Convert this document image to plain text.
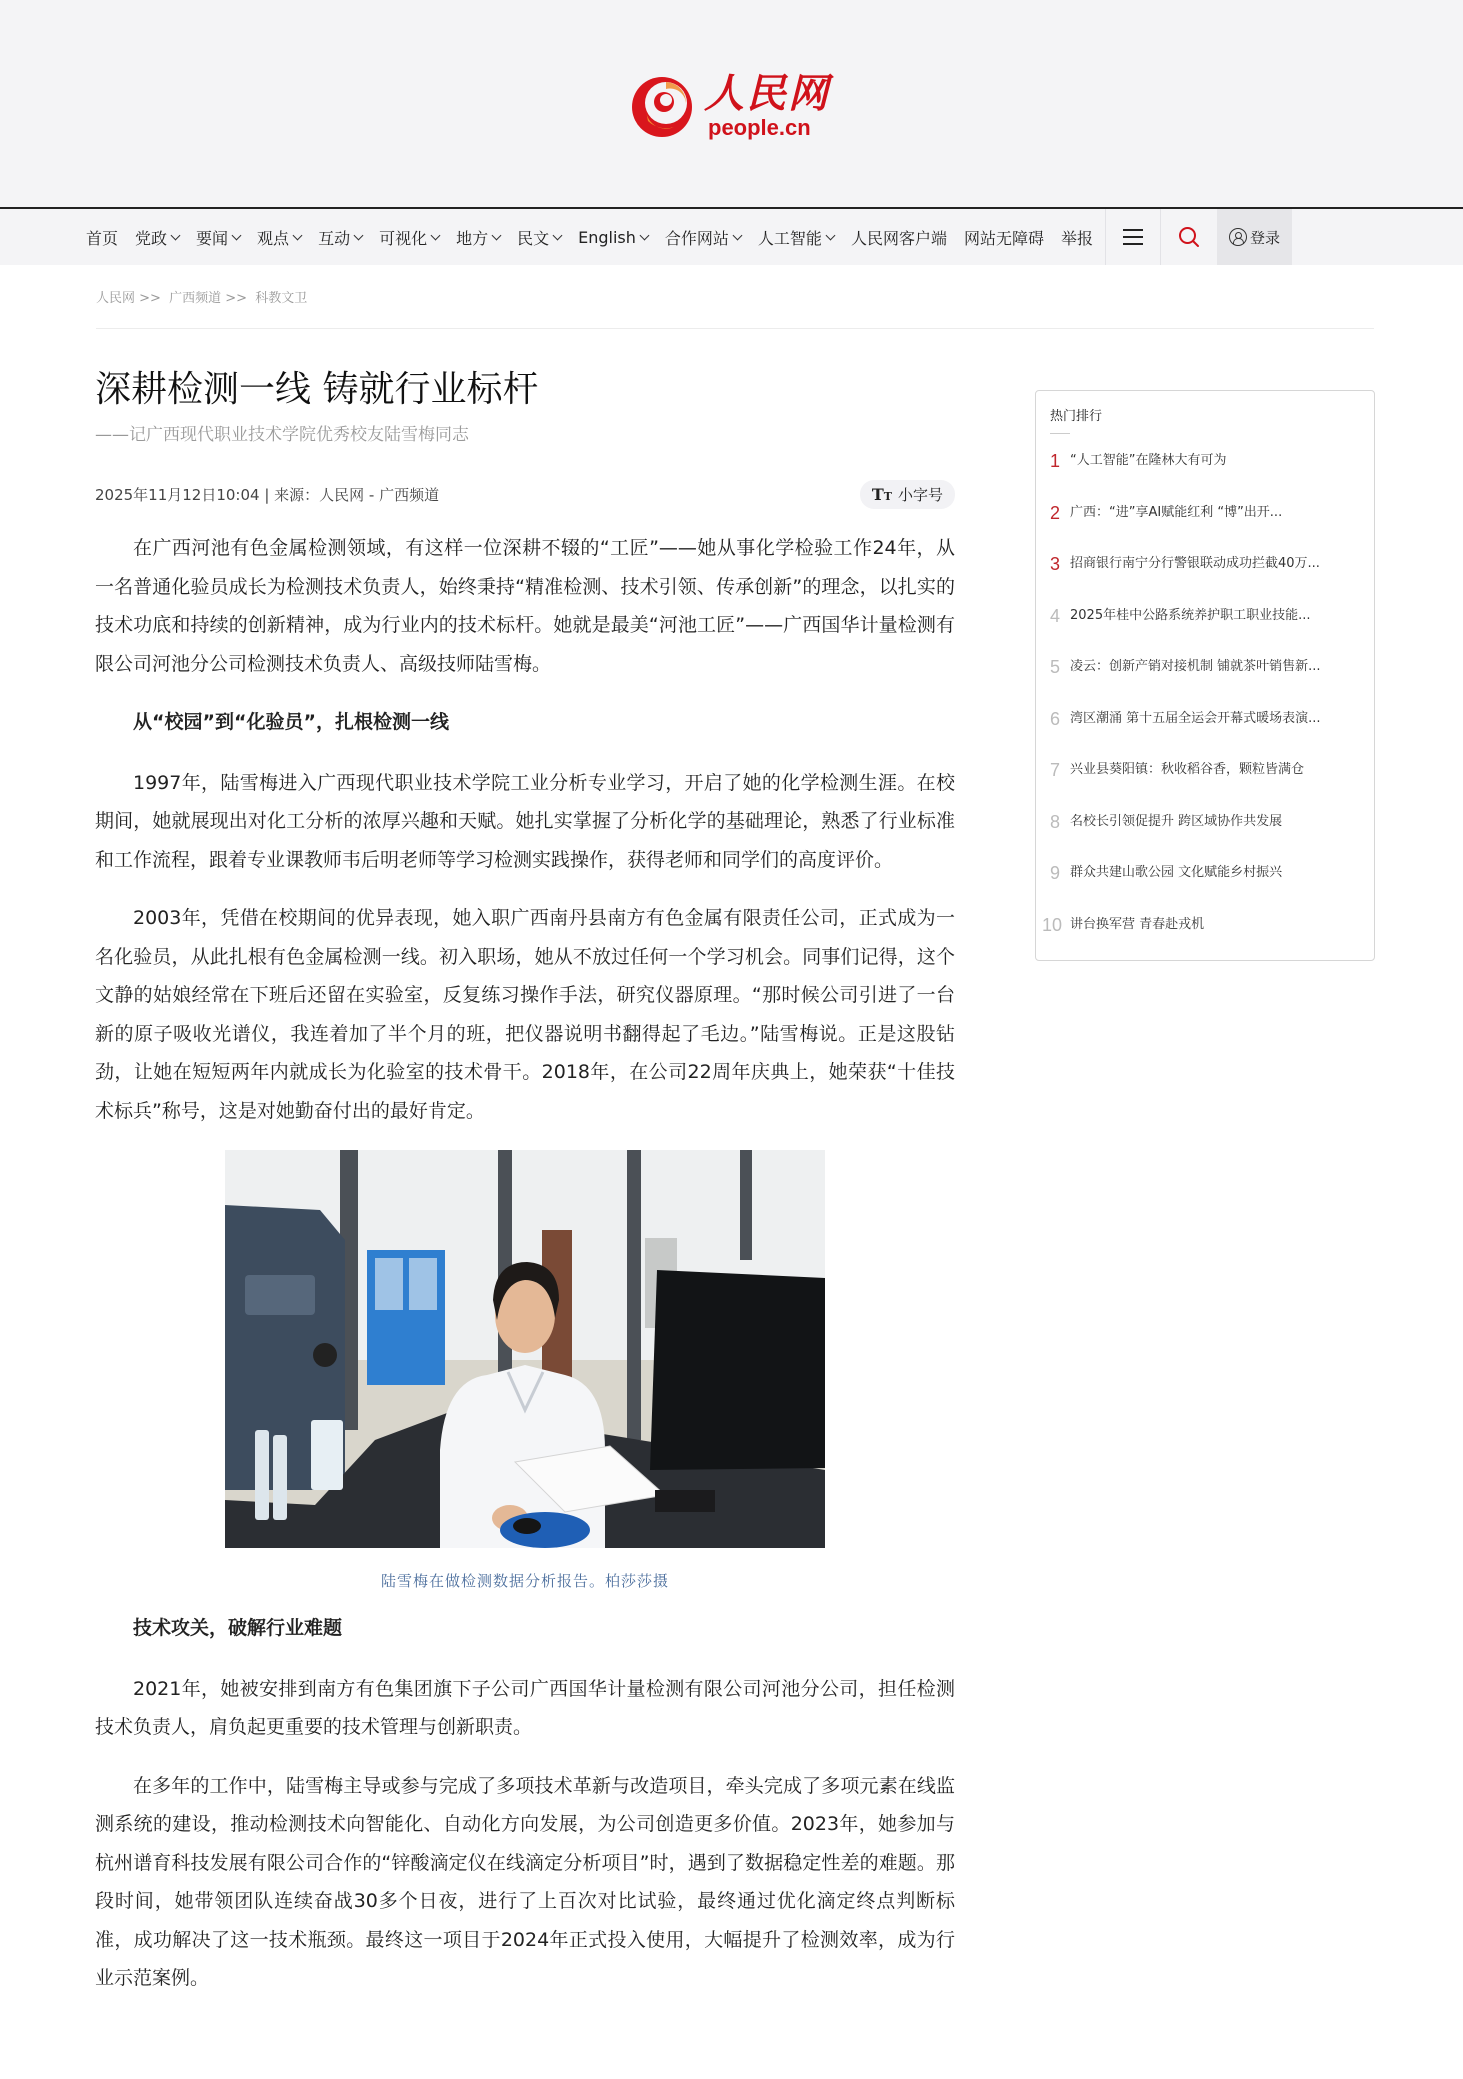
人民网
people.cn
首页 党政 要闻 观点 互动 可视化 地方 民文 English 合作网站 人工智能 人民网客户端 网站无障碍 举报	登录
人民网 >> 广西频道 >> 科教文卫
深耕检测一线 铸就行业标杆
——记广西现代职业技术学院优秀校友陆雪梅同志
2025年11月12日10:04 | 来源：人民网 - 广西频道	TT 小字号

在广西河池有色金属检测领域，有这样一位深耕不辍的“工匠”——她从事化学检验工作24年，从一名普通化验员成长为检测技术负责人，始终秉持“精准检测、技术引领、传承创新”的理念，以扎实的技术功底和持续的创新精神，成为行业内的技术标杆。她就是最美“河池工匠”——广西国华计量检测有限公司河池分公司检测技术负责人、高级技师陆雪梅。

从“校园”到“化验员”，扎根检测一线

1997年，陆雪梅进入广西现代职业技术学院工业分析专业学习，开启了她的化学检测生涯。在校期间，她就展现出对化工分析的浓厚兴趣和天赋。她扎实掌握了分析化学的基础理论，熟悉了行业标准和工作流程，跟着专业课教师韦后明老师等学习检测实践操作，获得老师和同学们的高度评价。

2003年，凭借在校期间的优异表现，她入职广西南丹县南方有色金属有限责任公司，正式成为一名化验员，从此扎根有色金属检测一线。初入职场，她从不放过任何一个学习机会。同事们记得，这个文静的姑娘经常在下班后还留在实验室，反复练习操作手法，研究仪器原理。“那时候公司引进了一台新的原子吸收光谱仪，我连着加了半个月的班，把仪器说明书翻得起了毛边。”陆雪梅说。正是这股钻劲，让她在短短两年内就成长为化验室的技术骨干。2018年，在公司22周年庆典上，她荣获“十佳技术标兵”称号，这是对她勤奋付出的最好肯定。

陆雪梅在做检测数据分析报告。柏莎莎摄

技术攻关，破解行业难题

2021年，她被安排到南方有色集团旗下子公司广西国华计量检测有限公司河池分公司，担任检测技术负责人，肩负起更重要的技术管理与创新职责。

在多年的工作中，陆雪梅主导或参与完成了多项技术革新与改造项目，牵头完成了多项元素在线监测系统的建设，推动检测技术向智能化、自动化方向发展，为公司创造更多价值。2023年，她参加与杭州谱育科技发展有限公司合作的“锌酸滴定仪在线滴定分析项目”时，遇到了数据稳定性差的难题。那段时间，她带领团队连续奋战30多个日夜，进行了上百次对比试验，最终通过优化滴定终点判断标准，成功解决了这一技术瓶颈。最终这一项目于2024年正式投入使用，大幅提升了检测效率，成为行业示范案例。

热门排行
1 “人工智能”在隆林大有可为
2 广西：“进”享AI赋能红利 “博”出开...
3 招商银行南宁分行警银联动成功拦截40万...
4 2025年桂中公路系统养护职工职业技能...
5 凌云：创新产销对接机制 铺就茶叶销售新...
6 湾区潮涌 第十五届全运会开幕式暖场表演...
7 兴业县葵阳镇：秋收稻谷香，颗粒皆满仓
8 名校长引领促提升 跨区域协作共发展
9 群众共建山歌公园 文化赋能乡村振兴
10 讲台换军营 青春赴戎机
